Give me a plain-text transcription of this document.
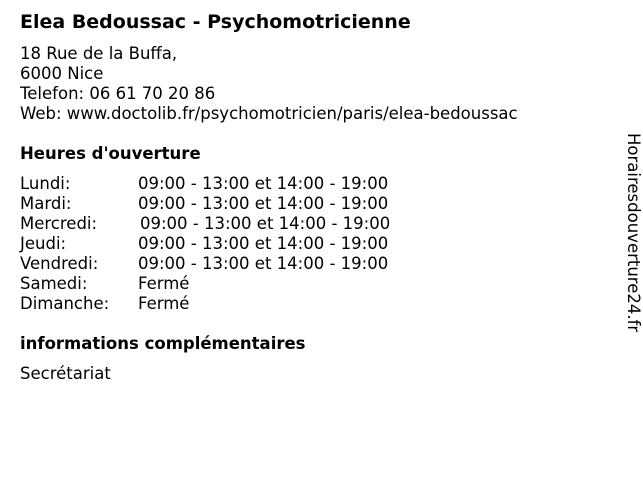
Elea Bedoussac - Psychomotricienne
18 Rue de la Buffa,
6000 Nice
Telefon: 06 61 70 20 86
Web: www.doctolib.fr/psychomotricien/paris/elea-bedoussac
Heures d'ouverture
Lundi:	09:00 - 13:00 et 14:00 - 19:00
Mardi:	09:00 - 13:00 et 14:00 - 19:00
Mercredi:	09:00 - 13:00 et 14:00 - 19:00
Jeudi:	09:00 - 13:00 et 14:00 - 19:00
Vendredi: 09:00 - 13:00 et 14:00 - 19:00
Samedi:	Fermé
Dimanche: Fermé
informations complémentaires
Secrétariat
Horairesdouverture24.fr
